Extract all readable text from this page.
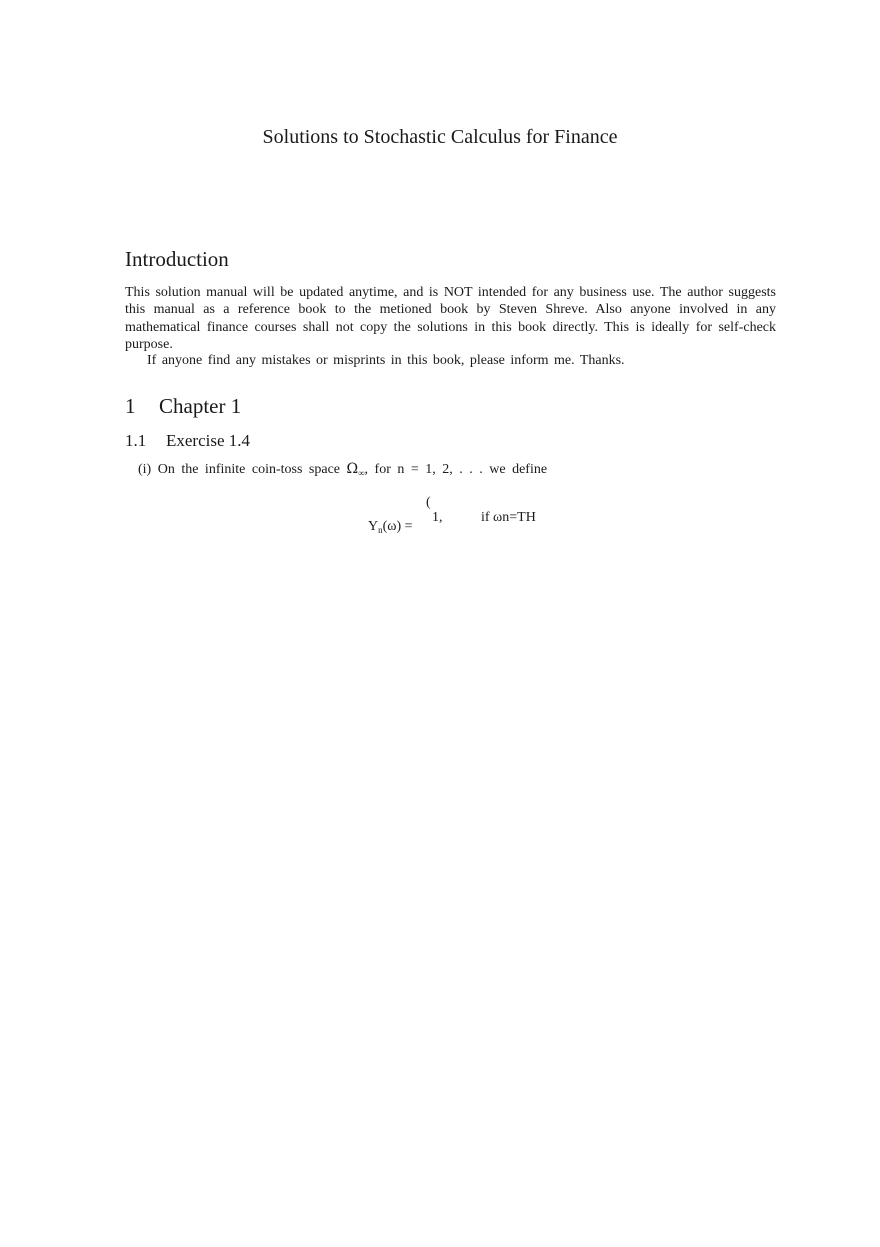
Solutions to Stochastic Calculus for Finance
Introduction
This solution manual will be updated anytime, and is NOT intended for any business use. The author suggests this manual as a reference book to the metioned book by Steven Shreve. Also anyone involved in any mathematical finance courses shall not copy the solutions in this book directly. This is ideally for self-check purpose.
If anyone find any mistakes or misprints in this book, please inform me. Thanks.
1 Chapter 1
1.1 Exercise 1.4
(i) On the infinite coin-toss space $\Omega_\infty$, for n = 1, 2, . . . we define
$Y_n(\omega)$ =
(
1,	if ωn=TH
